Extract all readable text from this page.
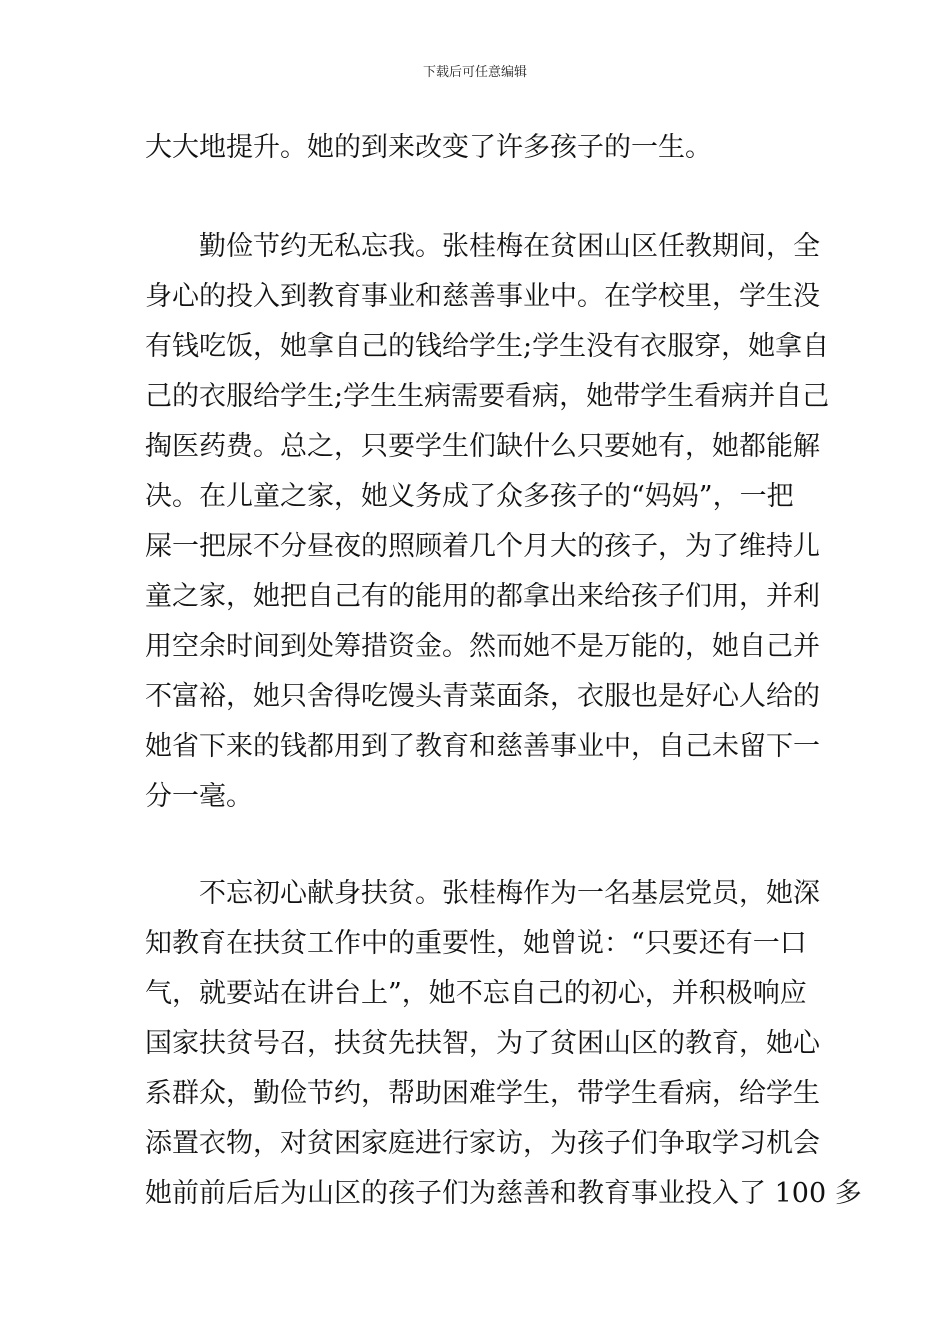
下载后可任意编辑
大大地提升。她的到来改变了许多孩子的一生。
勤俭节约无私忘我。张桂梅在贫困山区任教期间，全
身心的投入到教育事业和慈善事业中。在学校里，学生没
有钱吃饭，她拿自己的钱给学生;学生没有衣服穿，她拿自
己的衣服给学生;学生生病需要看病，她带学生看病并自己
掏医药费。总之，只要学生们缺什么只要她有，她都能解
决。在儿童之家，她义务成了众多孩子的“妈妈”，一把
屎一把尿不分昼夜的照顾着几个月大的孩子，为了维持儿
童之家，她把自己有的能用的都拿出来给孩子们用，并利
用空余时间到处筹措资金。然而她不是万能的，她自己并
不富裕，她只舍得吃馒头青菜面条，衣服也是好心人给的
她省下来的钱都用到了教育和慈善事业中，自己未留下一
分一毫。
不忘初心献身扶贫。张桂梅作为一名基层党员，她深
知教育在扶贫工作中的重要性，她曾说：“只要还有一口
气，就要站在讲台上”，她不忘自己的初心，并积极响应
国家扶贫号召，扶贫先扶智，为了贫困山区的教育，她心
系群众，勤俭节约，帮助困难学生，带学生看病，给学生
添置衣物，对贫困家庭进行家访，为孩子们争取学习机会
她前前后后为山区的孩子们为慈善和教育事业投入了 100 多
